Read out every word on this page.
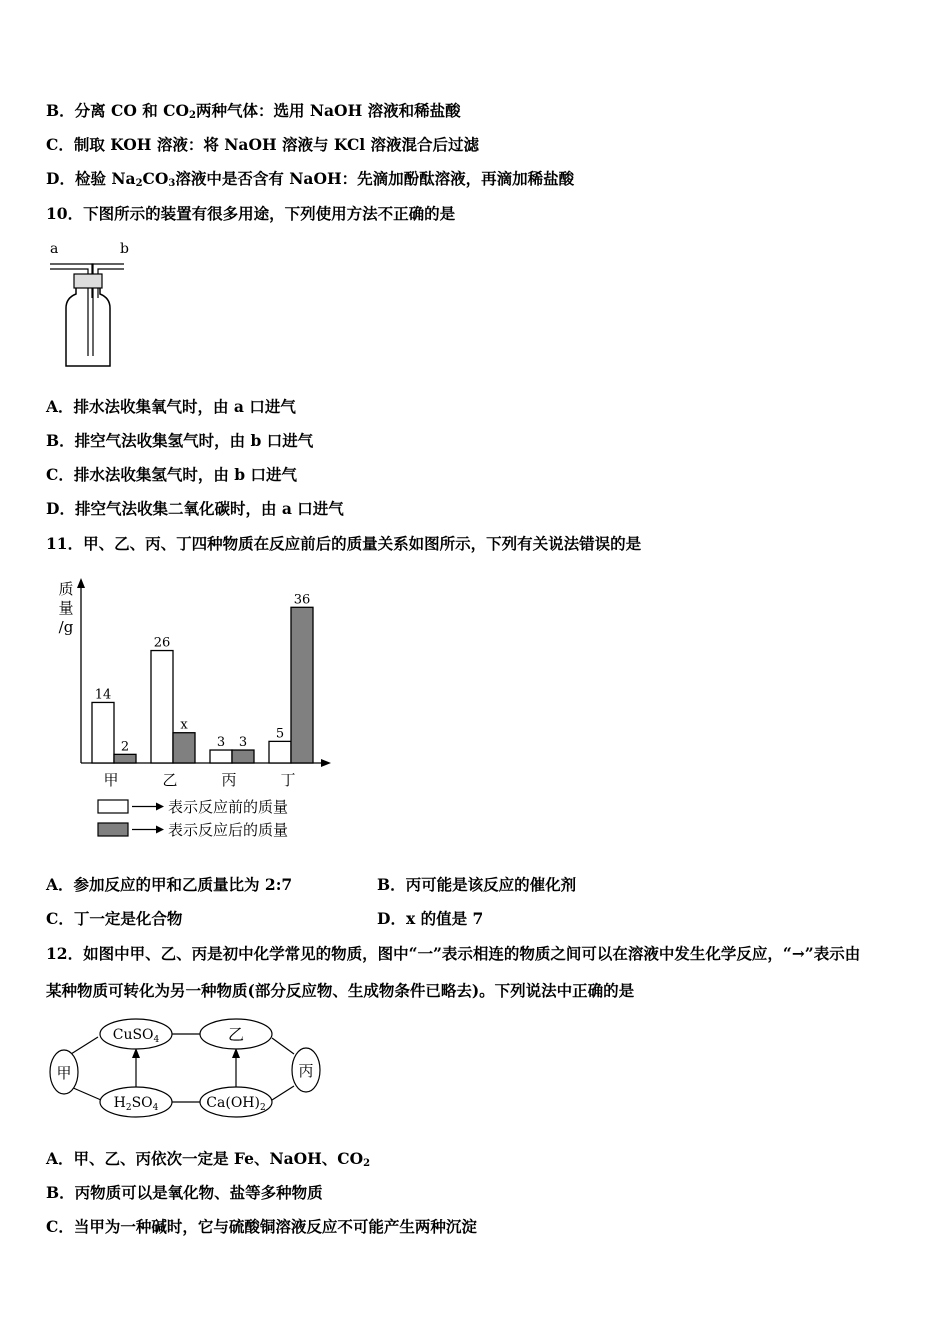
B．分离 CO 和 $CO_2$两种气体：选用 NaOH 溶液和稀盐酸
C．制取 KOH 溶液：将 NaOH 溶液与 KCl 溶液混合后过滤
D．检验 $Na_2CO_3$溶液中是否含有 NaOH：先滴加酚酞溶液，再滴加稀盐酸
10．下图所示的装置有很多用途，下列使用方法不正确的是
a	b
A．排水法收集氧气时，由 a 口进气
B．排空气法收集氢气时，由 b 口进气
C．排水法收集氢气时，由 b 口进气
D．排空气法收集二氧化碳时，由 a 口进气
11．甲、乙、丙、丁四种物质在反应前后的质量关系如图所示，下列有关说法错误的是
质
量
/g
14
2
甲
26
x
乙
3 3
丙
5
36
丁
表示反应前的质量
表示反应后的质量
A．参加反应的甲和乙质量比为 2:7	B．丙可能是该反应的催化剂
C．丁一定是化合物	D．x 的值是 7
12．如图中甲、乙、丙是初中化学常见的物质，图中“一”表示相连的物质之间可以在溶液中发生化学反应，“→”表示由
某种物质可转化为另一种物质(部分反应物、生成物条件已略去)。下列说法中正确的是
CuSO$_4$	乙
甲	丙
$H_2SO_4$	$Ca(OH)_2$
A．甲、乙、丙依次一定是 Fe、NaOH、$CO_2$
B．丙物质可以是氧化物、盐等多种物质
C．当甲为一种碱时，它与硫酸铜溶液反应不可能产生两种沉淀
